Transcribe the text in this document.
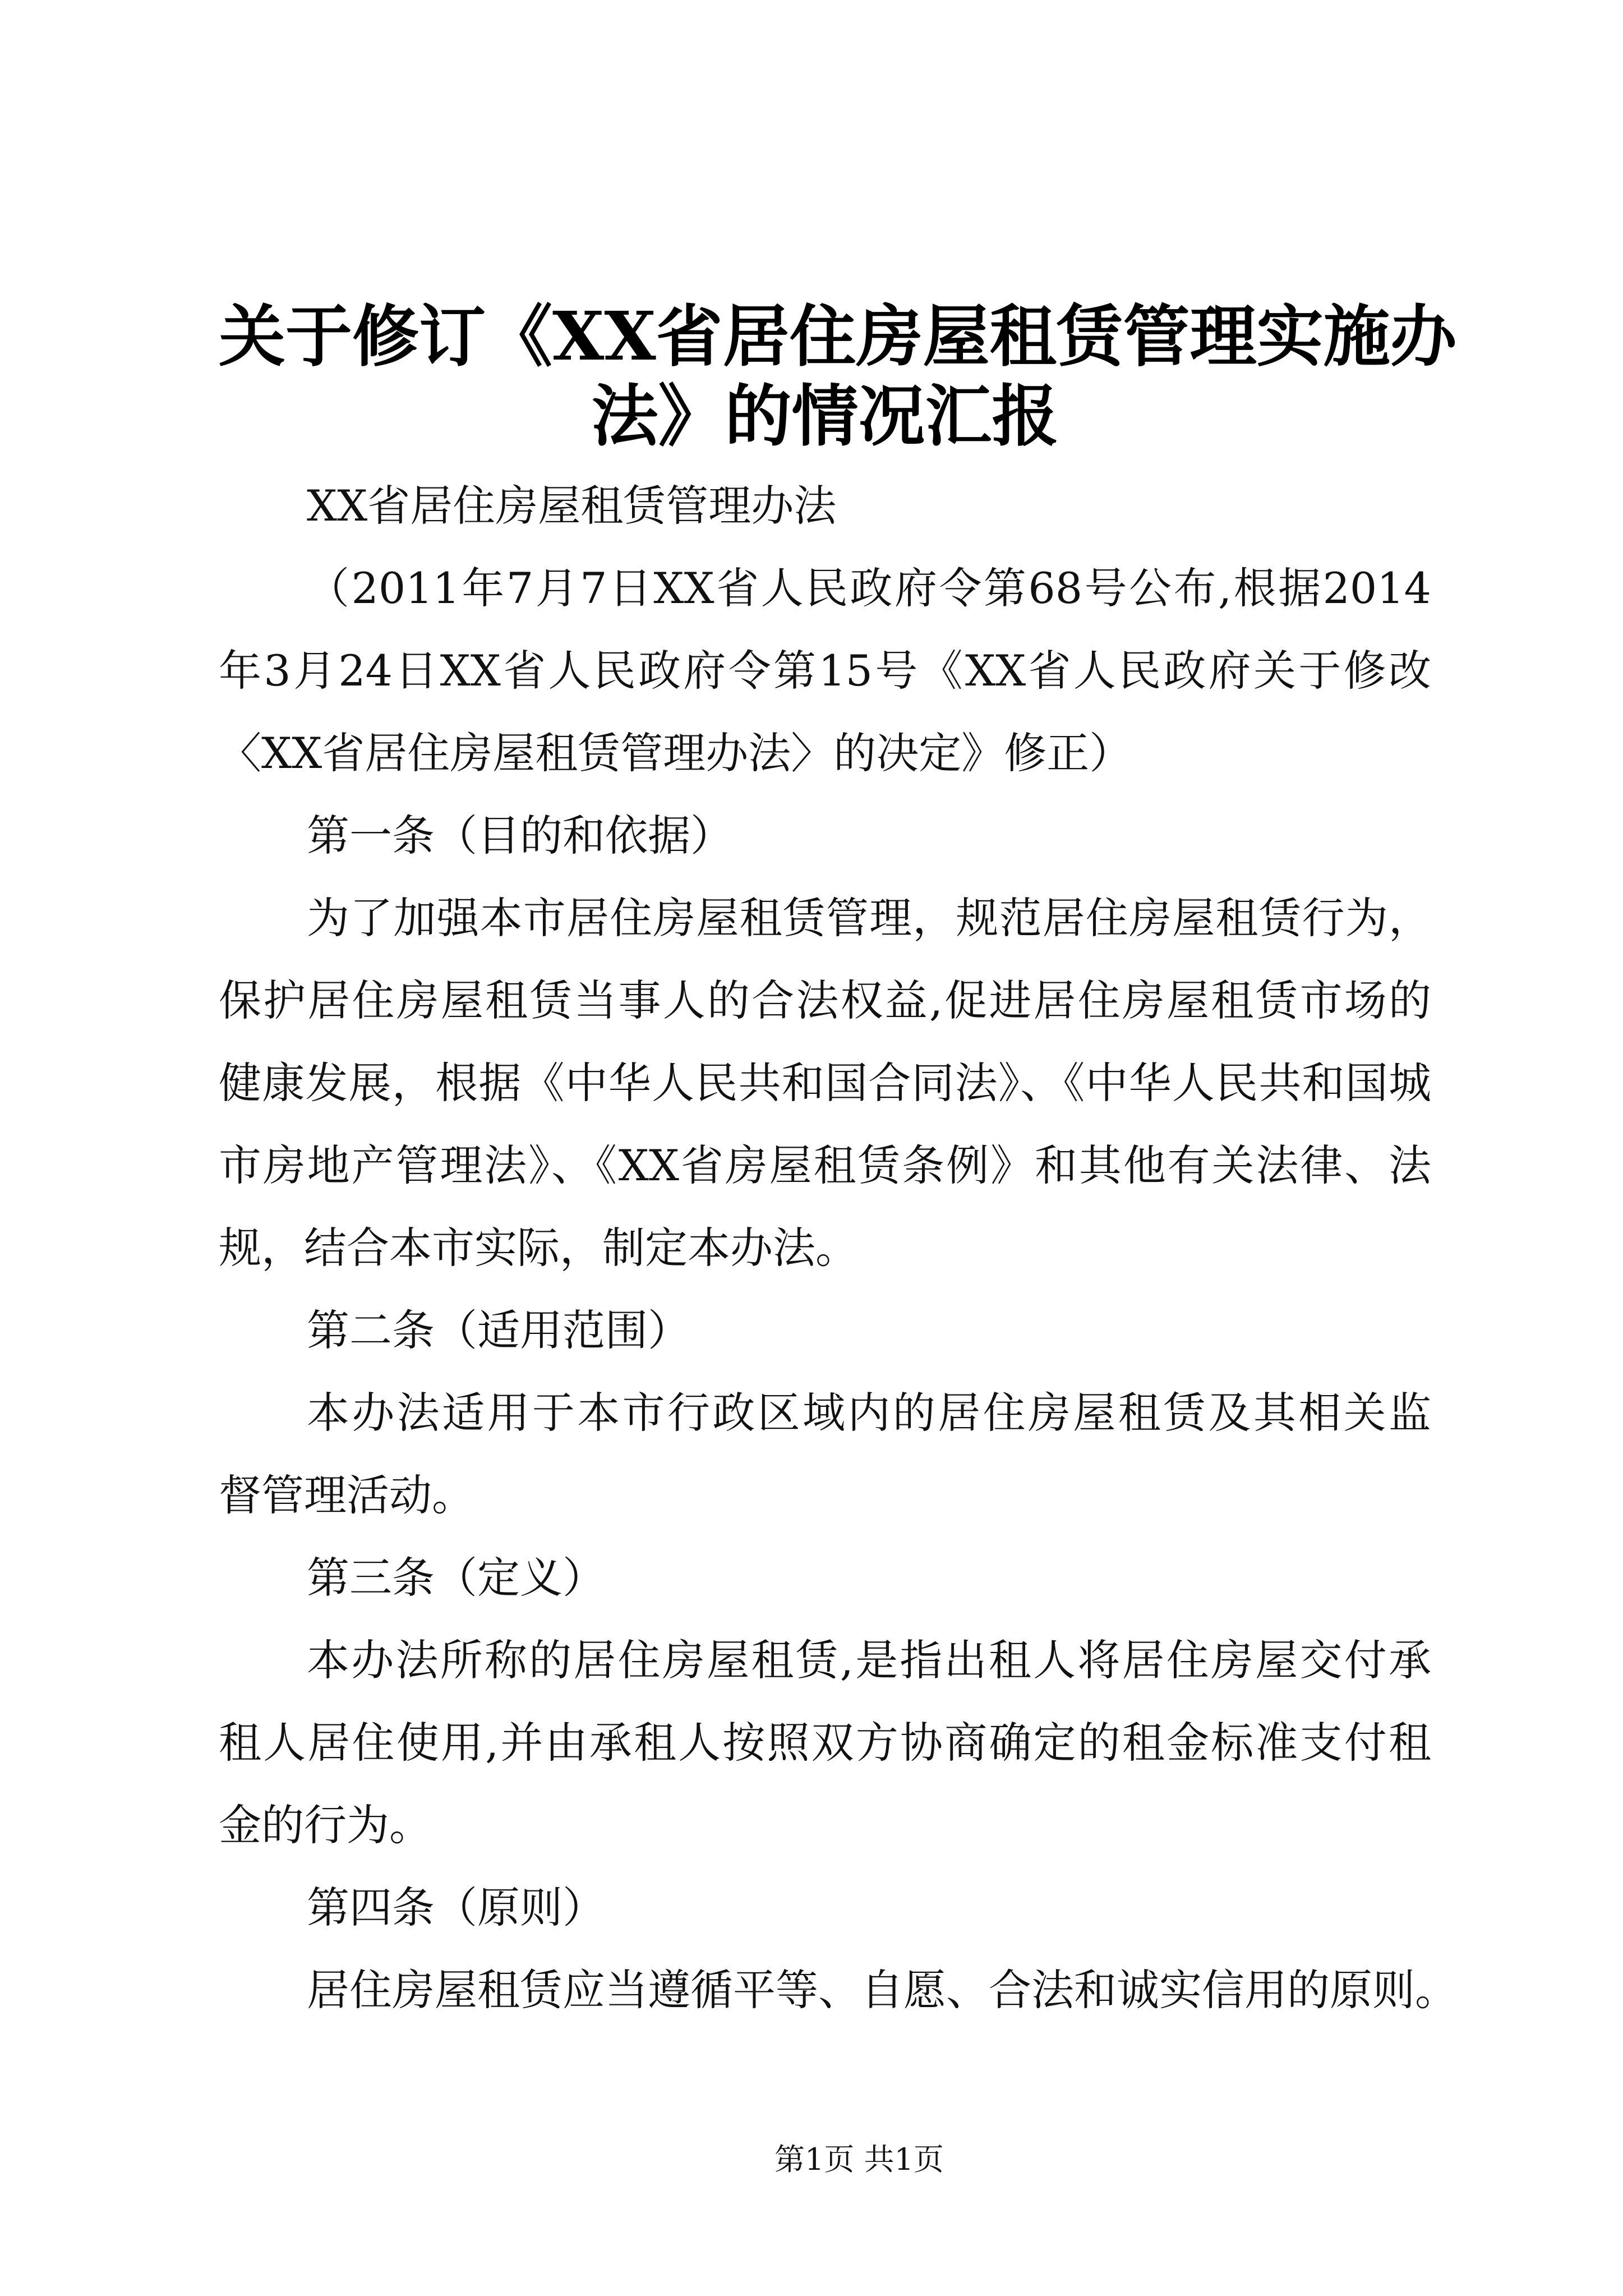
关于修订《XX省居住房屋租赁管理实施办
法》的情况汇报
XX省居住房屋租赁管理办法
（2011年7月7日XX省人民政府令第68号公布,根据2014
年3月24日XX省人民政府令第15号《XX省人民政府关于修改
〈XX省居住房屋租赁管理办法〉的决定》修正）
第一条（目的和依据）
为了加强本市居住房屋租赁管理，规范居住房屋租赁行为，
保护居住房屋租赁当事人的合法权益,促进居住房屋租赁市场的
健康发展，根据《中华人民共和国合同法》、《中华人民共和国城
市房地产管理法》、《XX省房屋租赁条例》和其他有关法律、法
规，结合本市实际，制定本办法。
第二条（适用范围）
本办法适用于本市行政区域内的居住房屋租赁及其相关监
督管理活动。
第三条（定义）
本办法所称的居住房屋租赁,是指出租人将居住房屋交付承
租人居住使用,并由承租人按照双方协商确定的租金标准支付租
金的行为。
第四条（原则）
居住房屋租赁应当遵循平等、自愿、合法和诚实信用的原则。
第1页 共1页
